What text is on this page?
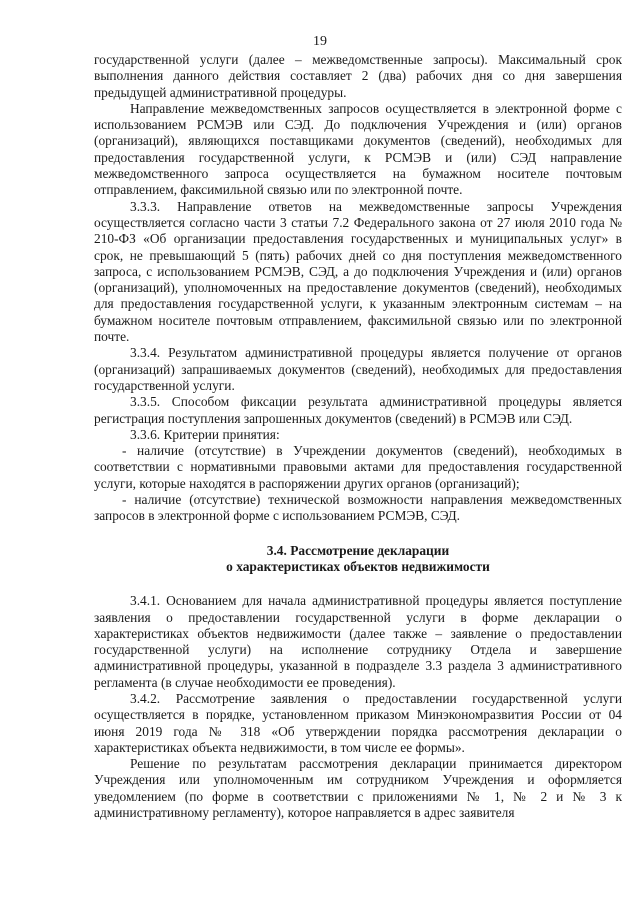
19

государственной услуги (далее – межведомственные запросы). Максимальный срок выполнения данного действия составляет 2 (два) рабочих дня со дня завершения предыдущей административной процедуры.

Направление межведомственных запросов осуществляется в электронной форме с использованием РСМЭВ или СЭД. До подключения Учреждения и (или) органов (организаций), являющихся поставщиками документов (сведений), необходимых для предоставления государственной услуги, к РСМЭВ и (или) СЭД направление межведомственного запроса осуществляется на бумажном носителе почтовым отправлением, факсимильной связью или по электронной почте.

3.3.3. Направление ответов на межведомственные запросы Учреждения осуществляется согласно части 3 статьи 7.2 Федерального закона от 27 июля 2010 года № 210-ФЗ «Об организации предоставления государственных и муниципальных услуг» в срок, не превышающий 5 (пять) рабочих дней со дня поступления межведомственного запроса, с использованием РСМЭВ, СЭД, а до подключения Учреждения и (или) органов (организаций), уполномоченных на предоставление документов (сведений), необходимых для предоставления государственной услуги, к указанным электронным системам – на бумажном носителе почтовым отправлением, факсимильной связью или по электронной почте.

3.3.4. Результатом административной процедуры является получение от органов (организаций) запрашиваемых документов (сведений), необходимых для предоставления государственной услуги.

3.3.5. Способом фиксации результата административной процедуры является регистрация поступления запрошенных документов (сведений) в РСМЭВ или СЭД.

3.3.6. Критерии принятия:

- наличие (отсутствие) в Учреждении документов (сведений), необходимых в соответствии с нормативными правовыми актами для предоставления государственной услуги, которые находятся в распоряжении других органов (организаций);

- наличие (отсутствие) технической возможности направления межведомственных запросов в электронной форме с использованием РСМЭВ, СЭД.

3.4. Рассмотрение декларации

о характеристиках объектов недвижимости

3.4.1. Основанием для начала административной процедуры является поступление заявления о предоставлении государственной услуги в форме декларации о характеристиках объектов недвижимости (далее также – заявление о предоставлении государственной услуги) на исполнение сотруднику Отдела и завершение административной процедуры, указанной в подразделе 3.3 раздела 3 административного регламента (в случае необходимости ее проведения).

3.4.2. Рассмотрение заявления о предоставлении государственной услуги осуществляется в порядке, установленном приказом Минэкономразвития России от 04 июня 2019 года № 318 «Об утверждении порядка рассмотрения декларации о характеристиках объекта недвижимости, в том числе ее формы».

Решение по результатам рассмотрения декларации принимается директором Учреждения или уполномоченным им сотрудником Учреждения и оформляется уведомлением (по форме в соответствии с приложениями № 1, № 2 и № 3 к административному регламенту), которое направляется в адрес заявителя
